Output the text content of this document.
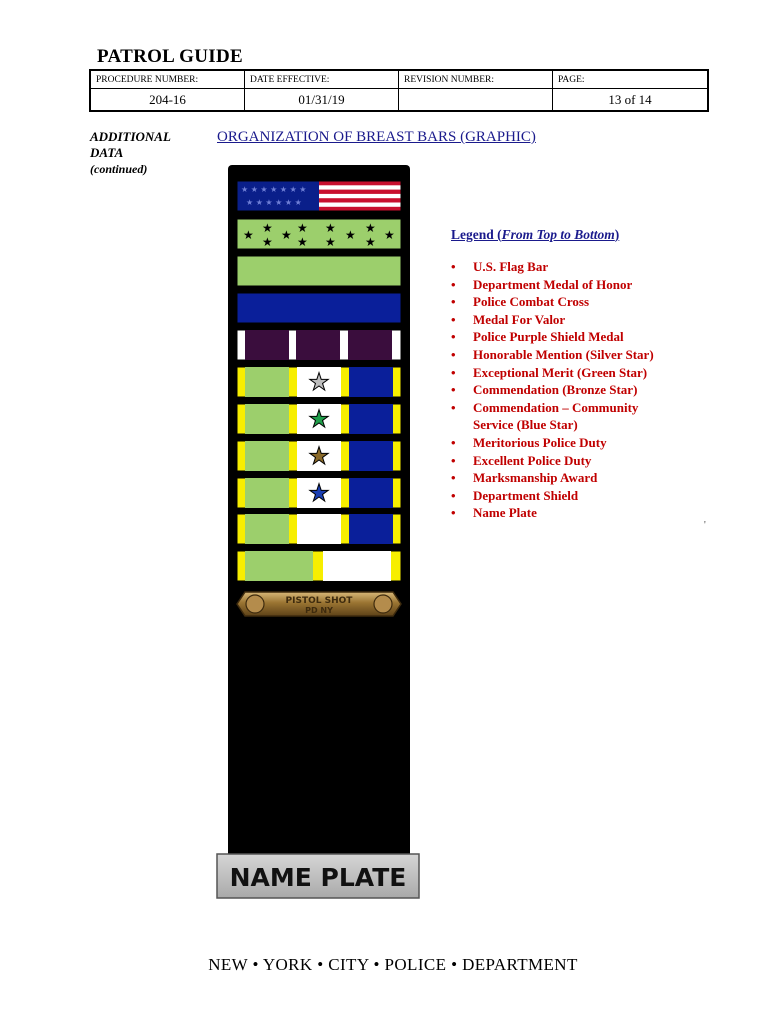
PATROL GUIDE
PROCEDURE NUMBER:	DATE EFFECTIVE:	REVISION NUMBER:	PAGE:
204-16	01/31/19		13 of 14
ADDITIONAL
DATA
(continued)
ORGANIZATION OF BREAST BARS (GRAPHIC)
★ ★ ★ ★ ★ ★ ★
★ ★ ★ ★ ★ ★
★ ★
★ ★ ★
★
★
★ ★ ★
★ ★
★
★
★
★
PISTOL SHOT
PD NY
NAME PLATE
Legend (From Top to Bottom)
• U.S. Flag Bar
• Department Medal of Honor
• Police Combat Cross
• Medal For Valor
• Police Purple Shield Medal
• Honorable Mention (Silver Star)
• Exceptional Merit (Green Star)
• Commendation (Bronze Star)
• Commendation – Community Service (Blue Star)
• Meritorious Police Duty
• Excellent Police Duty
• Marksmanship Award
• Department Shield
• Name Plate
'
NEW • YORK • CITY • POLICE • DEPARTMENT
